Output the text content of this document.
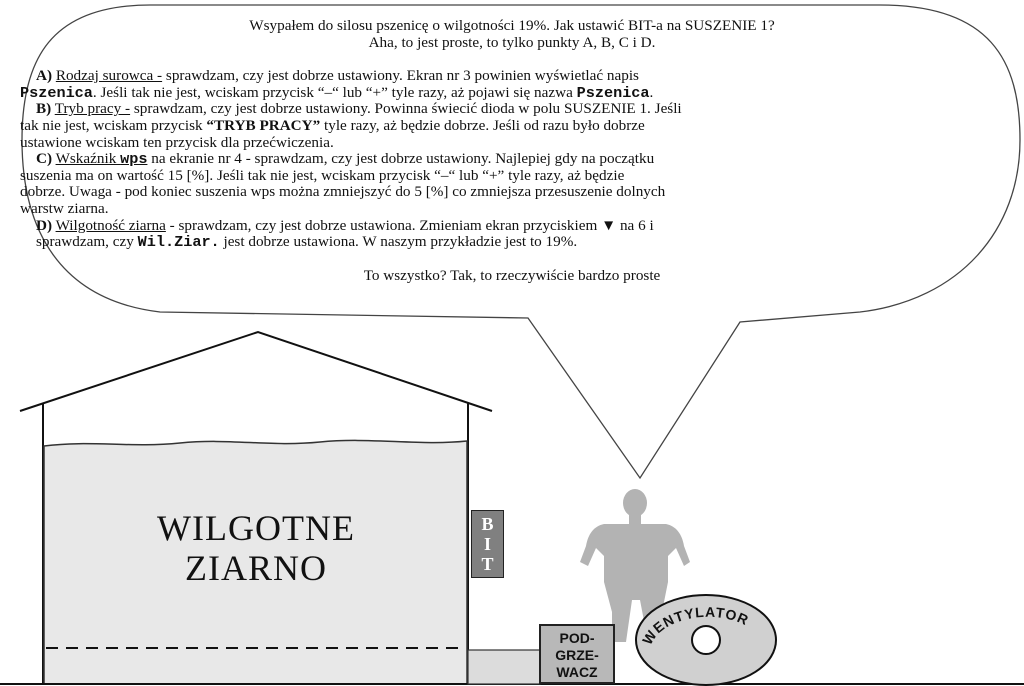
WENTYLATOR
Wsypałem do silosu pszenicę o wilgotności 19%. Jak ustawić BIT-a na SUSZENIE 1?
Aha, to jest proste, to tylko punkty A, B, C i D.
A) Rodzaj surowca - sprawdzam, czy jest dobrze ustawiony. Ekran nr 3 powinien wyświetlać napis
Pszenica. Jeśli tak nie jest, wciskam przycisk “–“ lub “+” tyle razy, aż pojawi się nazwa Pszenica.
B) Tryb pracy - sprawdzam, czy jest dobrze ustawiony. Powinna świecić dioda w polu SUSZENIE 1. Jeśli
tak nie jest, wciskam przycisk “TRYB PRACY” tyle razy, aż będzie dobrze. Jeśli od razu było dobrze
ustawione wciskam ten przycisk dla przećwiczenia.
C) Wskaźnik wps na ekranie nr 4 - sprawdzam, czy jest dobrze ustawiony. Najlepiej gdy na początku
suszenia ma on wartość 15 [%]. Jeśli tak nie jest, wciskam przycisk “–“ lub “+” tyle razy, aż będzie
dobrze. Uwaga - pod koniec suszenia wps można zmniejszyć do 5 [%] co zmniejsza przesuszenie dolnych
warstw ziarna.
D) Wilgotność ziarna - sprawdzam, czy jest dobrze ustawiona. Zmieniam ekran przyciskiem ▼ na 6 i
sprawdzam, czy Wil.Ziar. jest dobrze ustawiona. W naszym przykładzie jest to 19%.
To wszystko? Tak, to rzeczywiście bardzo proste
WILGOTNE
ZIARNO
B
I
T
POD-
GRZE-
WACZ
